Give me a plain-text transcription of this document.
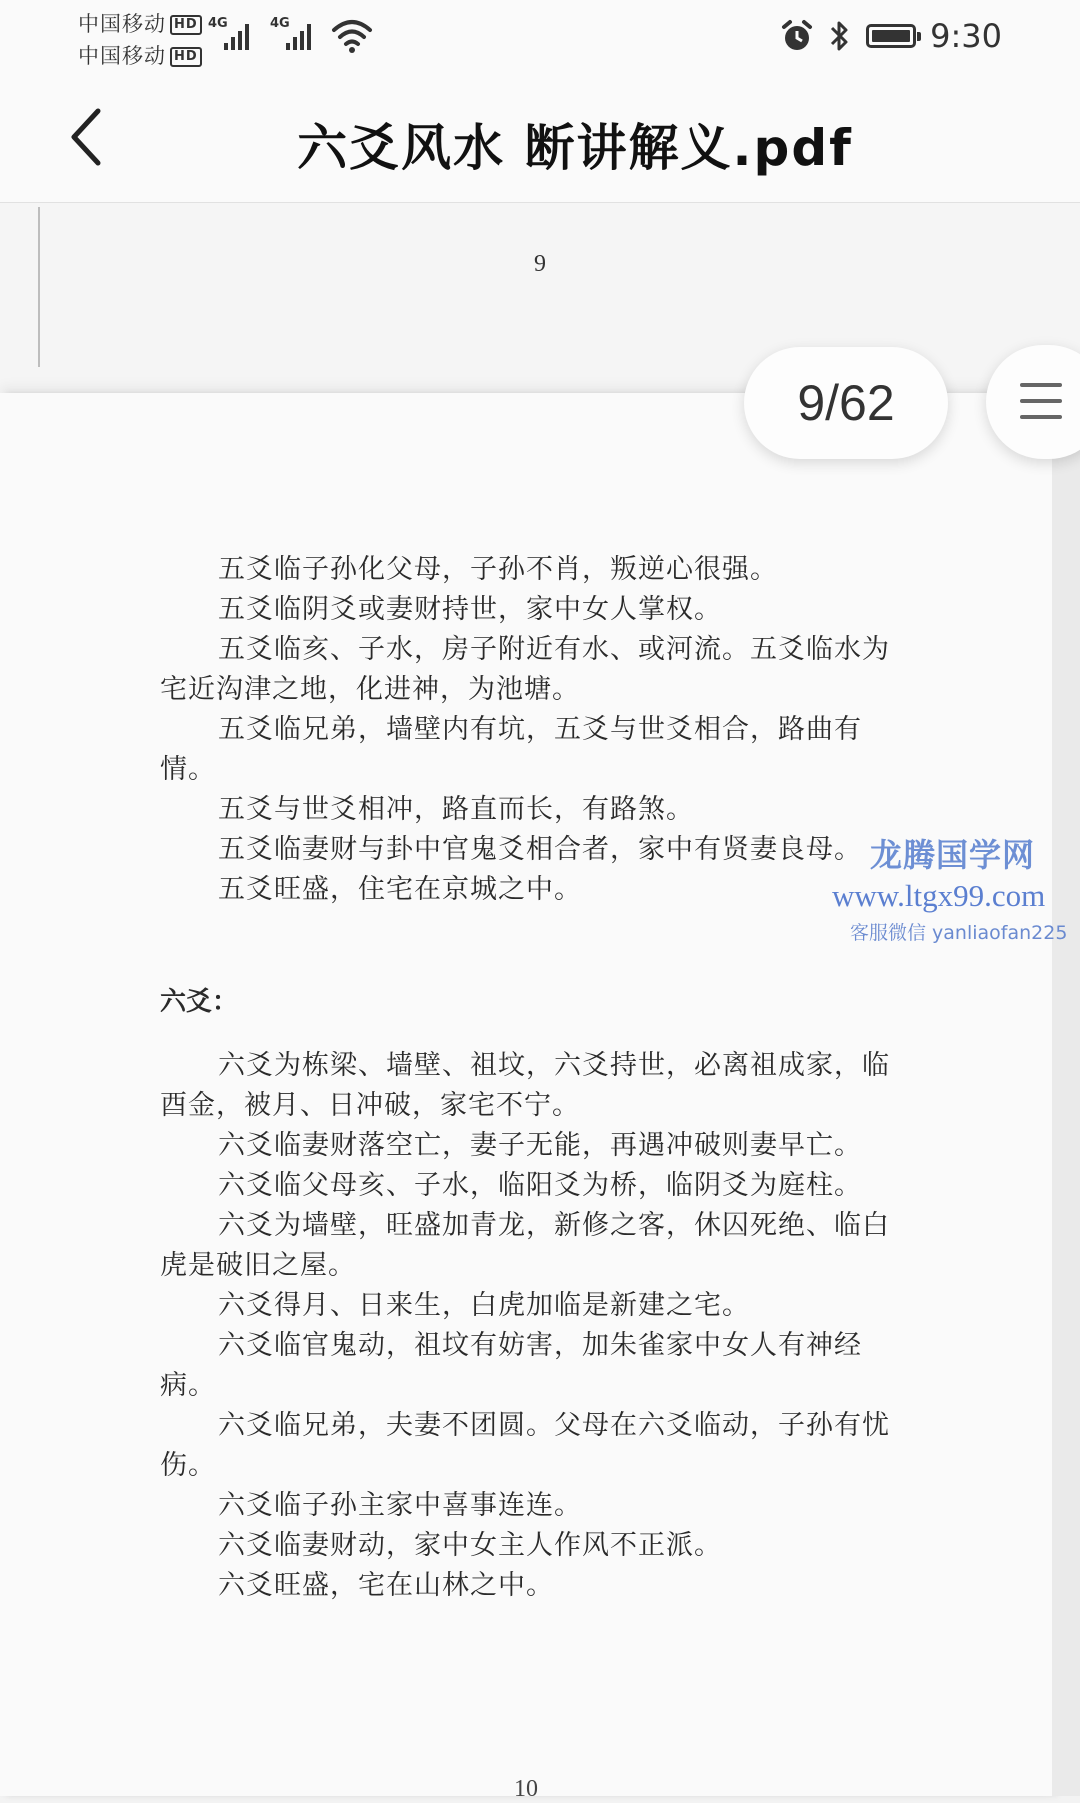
中国移动 HD
中国移动 HD
4G	4G	9:30
六爻风水 断讲解义.pdf
9
9/62

五爻临子孙化父母，子孙不肖，叛逆心很强。

五爻临阴爻或妻财持世，家中女人掌权。

五爻临亥、子水，房子附近有水、或河流。五爻临水为宅近沟津之地，化进神，为池塘。

五爻临兄弟，墙壁内有坑，五爻与世爻相合，路曲有情。

五爻与世爻相冲，路直而长，有路煞。

五爻临妻财与卦中官鬼爻相合者，家中有贤妻良母。

五爻旺盛，住宅在京城之中。

六爻：

六爻为栋梁、墙壁、祖坟，六爻持世，必离祖成家，临酉金，被月、日冲破，家宅不宁。

六爻临妻财落空亡，妻子无能，再遇冲破则妻早亡。

六爻临父母亥、子水，临阳爻为桥，临阴爻为庭柱。

六爻为墙壁，旺盛加青龙，新修之客，休囚死绝、临白虎是破旧之屋。

六爻得月、日来生，白虎加临是新建之宅。

六爻临官鬼动，祖坟有妨害，加朱雀家中女人有神经病。

六爻临兄弟，夫妻不团圆。父母在六爻临动，子孙有忧伤。

六爻临子孙主家中喜事连连。

六爻临妻财动，家中女主人作风不正派。

六爻旺盛，宅在山林之中。

龙腾国学网
www.ltgx99.com
客服微信 yanliaofan225
10
